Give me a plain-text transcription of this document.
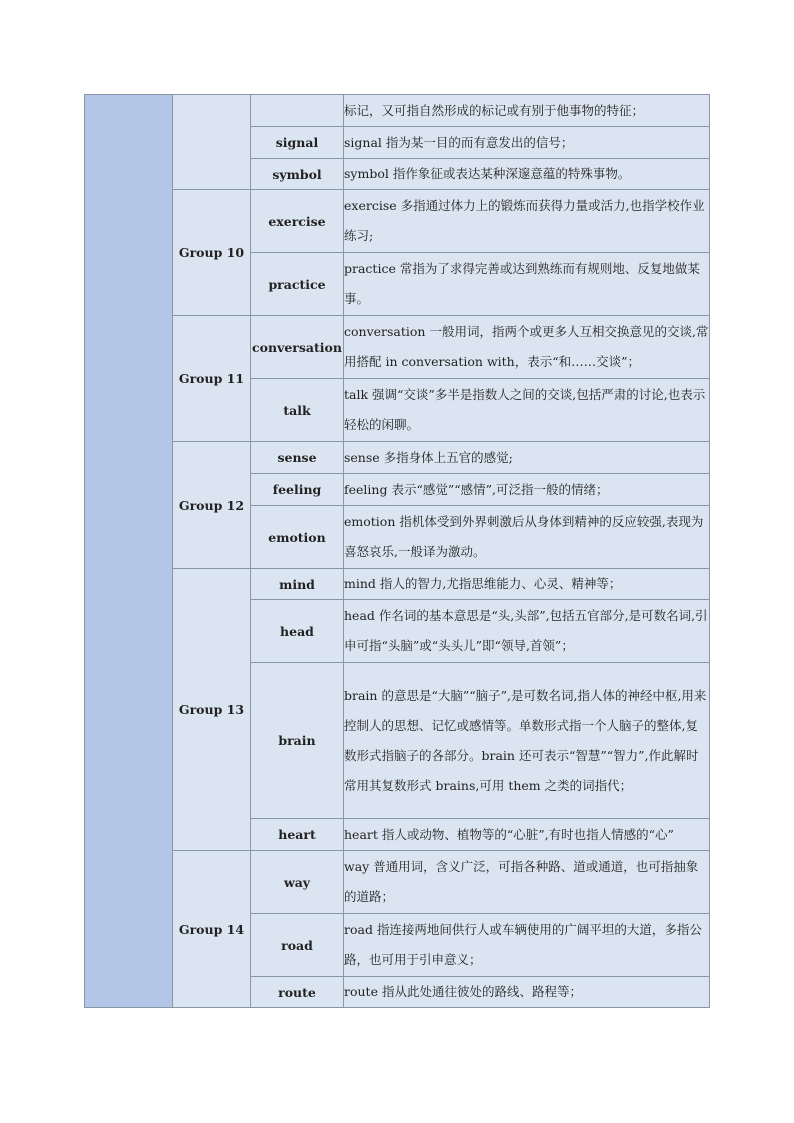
			标记，又可指自然形成的标记或有别于他事物的特征；
		signal	signal 指为某一目的而有意发出的信号；
		symbol	symbol 指作象征或表达某种深邃意蕴的特殊事物。
	Group 10	exercise	exercise 多指通过体力上的锻炼而获得力量或活力,也指学校作业练习;
		practice	practice 常指为了求得完善或达到熟练而有规则地、反复地做某事。
	Group 11	conversation	conversation 一般用词，指两个或更多人互相交换意见的交谈,常用搭配 in conversation with，表示“和……交谈”；
		talk	talk 强调“交谈”多半是指数人之间的交谈,包括严肃的讨论,也表示轻松的闲聊。
	Group 12	sense	sense 多指身体上五官的感觉;
		feeling	feeling 表示“感觉”“感情”,可泛指一般的情绪；
		emotion	emotion 指机体受到外界刺激后从身体到精神的反应较强,表现为喜怒哀乐,一般译为激动。
	Group 13	mind	mind 指人的智力,尤指思维能力、心灵、精神等；
		head	head 作名词的基本意思是“头,头部”,包括五官部分,是可数名词,引申可指“头脑”或“头头儿”即“领导,首领”；
		brain	brain 的意思是“大脑”“脑子”,是可数名词,指人体的神经中枢,用来控制人的思想、记忆或感情等。单数形式指一个人脑子的整体,复数形式指脑子的各部分。brain 还可表示“智慧”“智力”,作此解时常用其复数形式 brains,可用 them 之类的词指代；
		heart	heart 指人或动物、植物等的“心脏”,有时也指人情感的“心”
	Group 14	way	way 普通用词，含义广泛，可指各种路、道或通道，也可指抽象的道路；
		road	road 指连接两地间供行人或车辆使用的广阔平坦的大道，多指公路，也可用于引申意义；
		route	route 指从此处通往彼处的路线、路程等；
